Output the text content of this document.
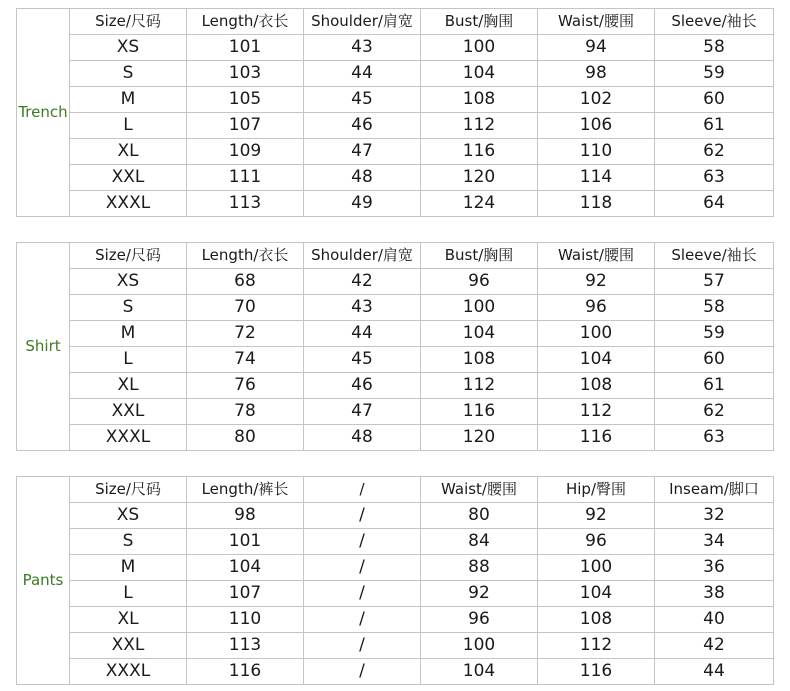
Trench	Size/尺码	Length/衣长	Shoulder/肩宽	Bust/胸围	Waist/腰围	Sleeve/袖长
	XS	101	43	100	94	58
	S	103	44	104	98	59
	M	105	45	108	102	60
	L	107	46	112	106	61
	XL	109	47	116	110	62
	XXL	111	48	120	114	63
	XXXL	113	49	124	118	64
Shirt	Size/尺码	Length/衣长	Shoulder/肩宽	Bust/胸围	Waist/腰围	Sleeve/袖长
	XS	68	42	96	92	57
	S	70	43	100	96	58
	M	72	44	104	100	59
	L	74	45	108	104	60
	XL	76	46	112	108	61
	XXL	78	47	116	112	62
	XXXL	80	48	120	116	63
Pants	Size/尺码	Length/裤长	/	Waist/腰围	Hip/臀围	Inseam/脚口
	XS	98	/	80	92	32
	S	101	/	84	96	34
	M	104	/	88	100	36
	L	107	/	92	104	38
	XL	110	/	96	108	40
	XXL	113	/	100	112	42
	XXXL	116	/	104	116	44
